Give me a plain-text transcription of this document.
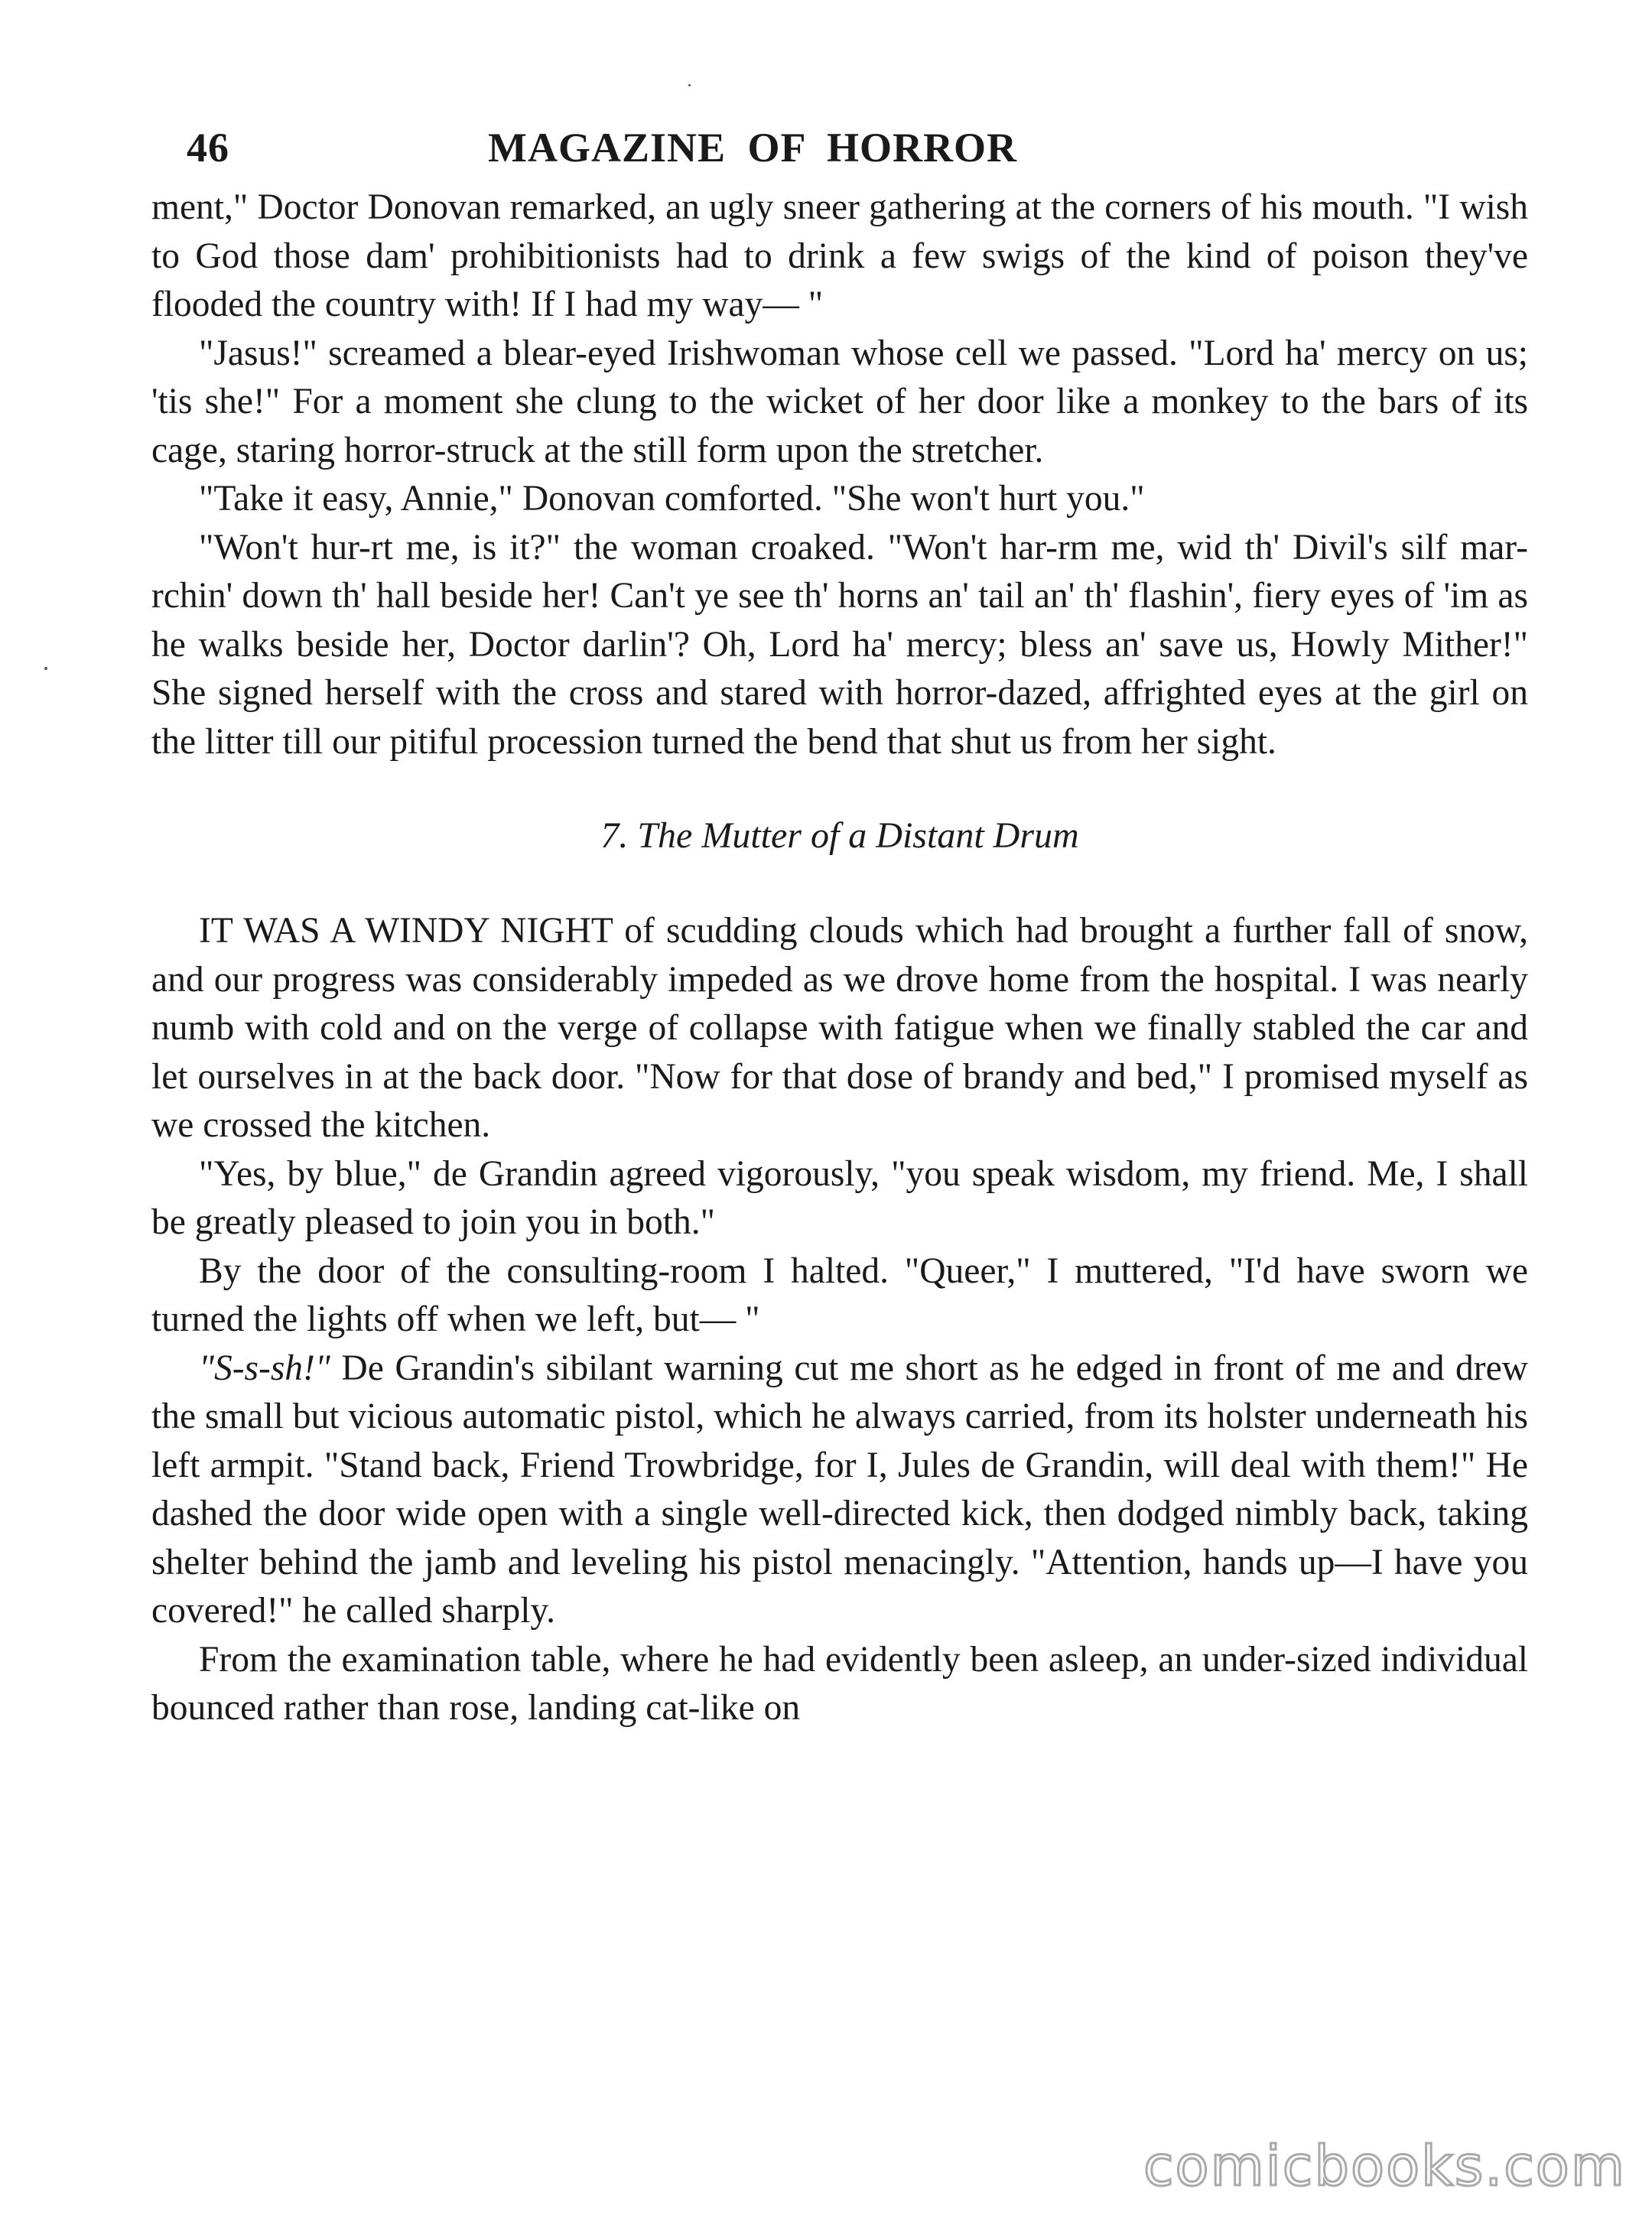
46	MAGAZINE OF HORROR

ment," Doctor Donovan remarked, an ugly sneer gathering at the corners of his mouth. "I wish to God those dam' prohibitionists had to drink a few swigs of the kind of poison they've flooded the country with! If I had my way— "

"Jasus!" screamed a blear-eyed Irishwoman whose cell we passed. "Lord ha' mercy on us; 'tis she!" For a moment she clung to the wicket of her door like a monkey to the bars of its cage, staring horror-struck at the still form upon the stretcher.

"Take it easy, Annie," Donovan comforted. "She won't hurt you."

"Won't hur-rt me, is it?" the woman croaked. "Won't har-rm me, wid th' Divil's silf mar-rchin' down th' hall beside her! Can't ye see th' horns an' tail an' th' flashin', fiery eyes of 'im as he walks beside her, Doctor darlin'? Oh, Lord ha' mercy; bless an' save us, Howly Mither!" She signed herself with the cross and stared with horror-dazed, affrighted eyes at the girl on the litter till our pitiful procession turned the bend that shut us from her sight.

7. The Mutter of a Distant Drum

IT WAS A WINDY NIGHT of scudding clouds which had brought a further fall of snow, and our progress was considerably impeded as we drove home from the hospital. I was nearly numb with cold and on the verge of collapse with fatigue when we finally stabled the car and let ourselves in at the back door. "Now for that dose of brandy and bed," I promised myself as we crossed the kitchen.

"Yes, by blue," de Grandin agreed vigorously, "you speak wisdom, my friend. Me, I shall be greatly pleased to join you in both."

By the door of the consulting-room I halted. "Queer," I muttered, "I'd have sworn we turned the lights off when we left, but— "

"S-s-sh!" De Grandin's sibilant warning cut me short as he edged in front of me and drew the small but vicious automatic pistol, which he always carried, from its holster underneath his left armpit. "Stand back, Friend Trowbridge, for I, Jules de Grandin, will deal with them!" He dashed the door wide open with a single well-directed kick, then dodged nimbly back, taking shelter behind the jamb and leveling his pistol menacingly. "Attention, hands up—I have you covered!" he called sharply.

From the examination table, where he had evidently been asleep, an under-sized individual bounced rather than rose, landing cat-like on

comicbooks.com
